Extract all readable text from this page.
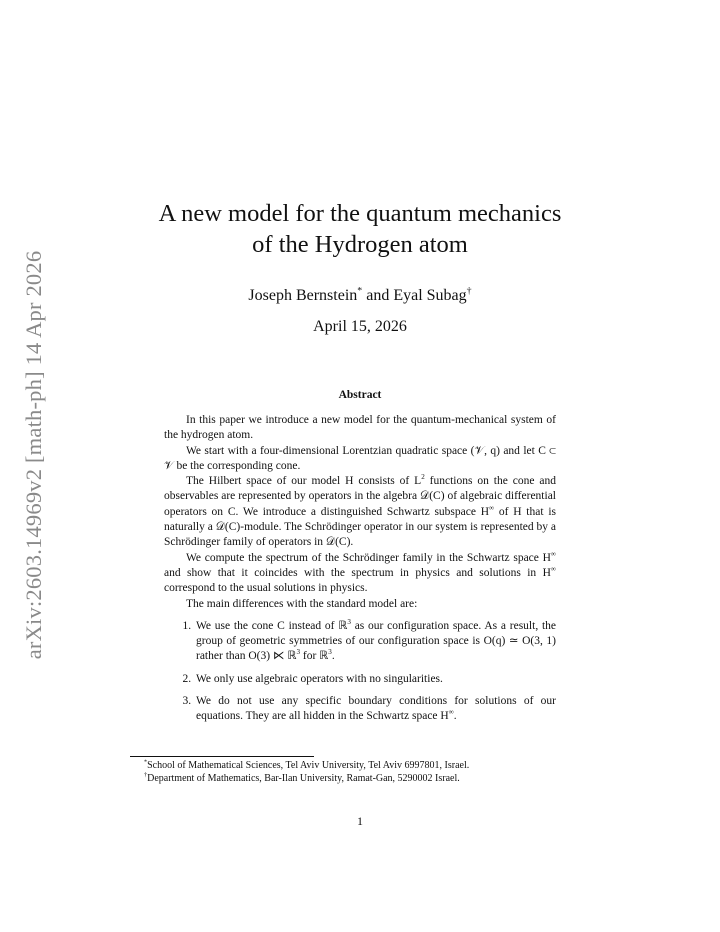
arXiv:2603.14969v2 [math-ph] 14 Apr 2026
A new model for the quantum mechanics
of the Hydrogen atom
Joseph Bernstein* and Eyal Subag†
April 15, 2026
Abstract

In this paper we introduce a new model for the quantum-mechanical system of the hydrogen atom.

We start with a four-dimensional Lorentzian quadratic space (𝒱, q) and let C ⊂ 𝒱 be the corresponding cone.

The Hilbert space of our model H consists of $L^2$ functions on the cone and observables are represented by operators in the algebra 𝒟(C) of algebraic differential operators on C. We introduce a distinguished Schwartz subspace H∞ of H that is naturally a 𝒟(C)-module. The Schrödinger operator in our system is represented by a Schrödinger family of operators in 𝒟(C).

We compute the spectrum of the Schrödinger family in the Schwartz space H∞ and show that it coincides with the spectrum in physics and solutions in H∞ correspond to the usual solutions in physics.

The main differences with the standard model are:

1. We use the cone C instead of ℝ$^3$ as our configuration space. As a result, the group of geometric symmetries of our configuration space is O(q) ≃ O(3, 1) rather than O(3) ⋉ ℝ$^3$ for ℝ$^3$.
2. We only use algebraic operators with no singularities.
3. We do not use any specific boundary conditions for solutions of our equations. They are all hidden in the Schwartz space H∞.
*School of Mathematical Sciences, Tel Aviv University, Tel Aviv 6997801, Israel.
†Department of Mathematics, Bar-Ilan University, Ramat-Gan, 5290002 Israel.
1
